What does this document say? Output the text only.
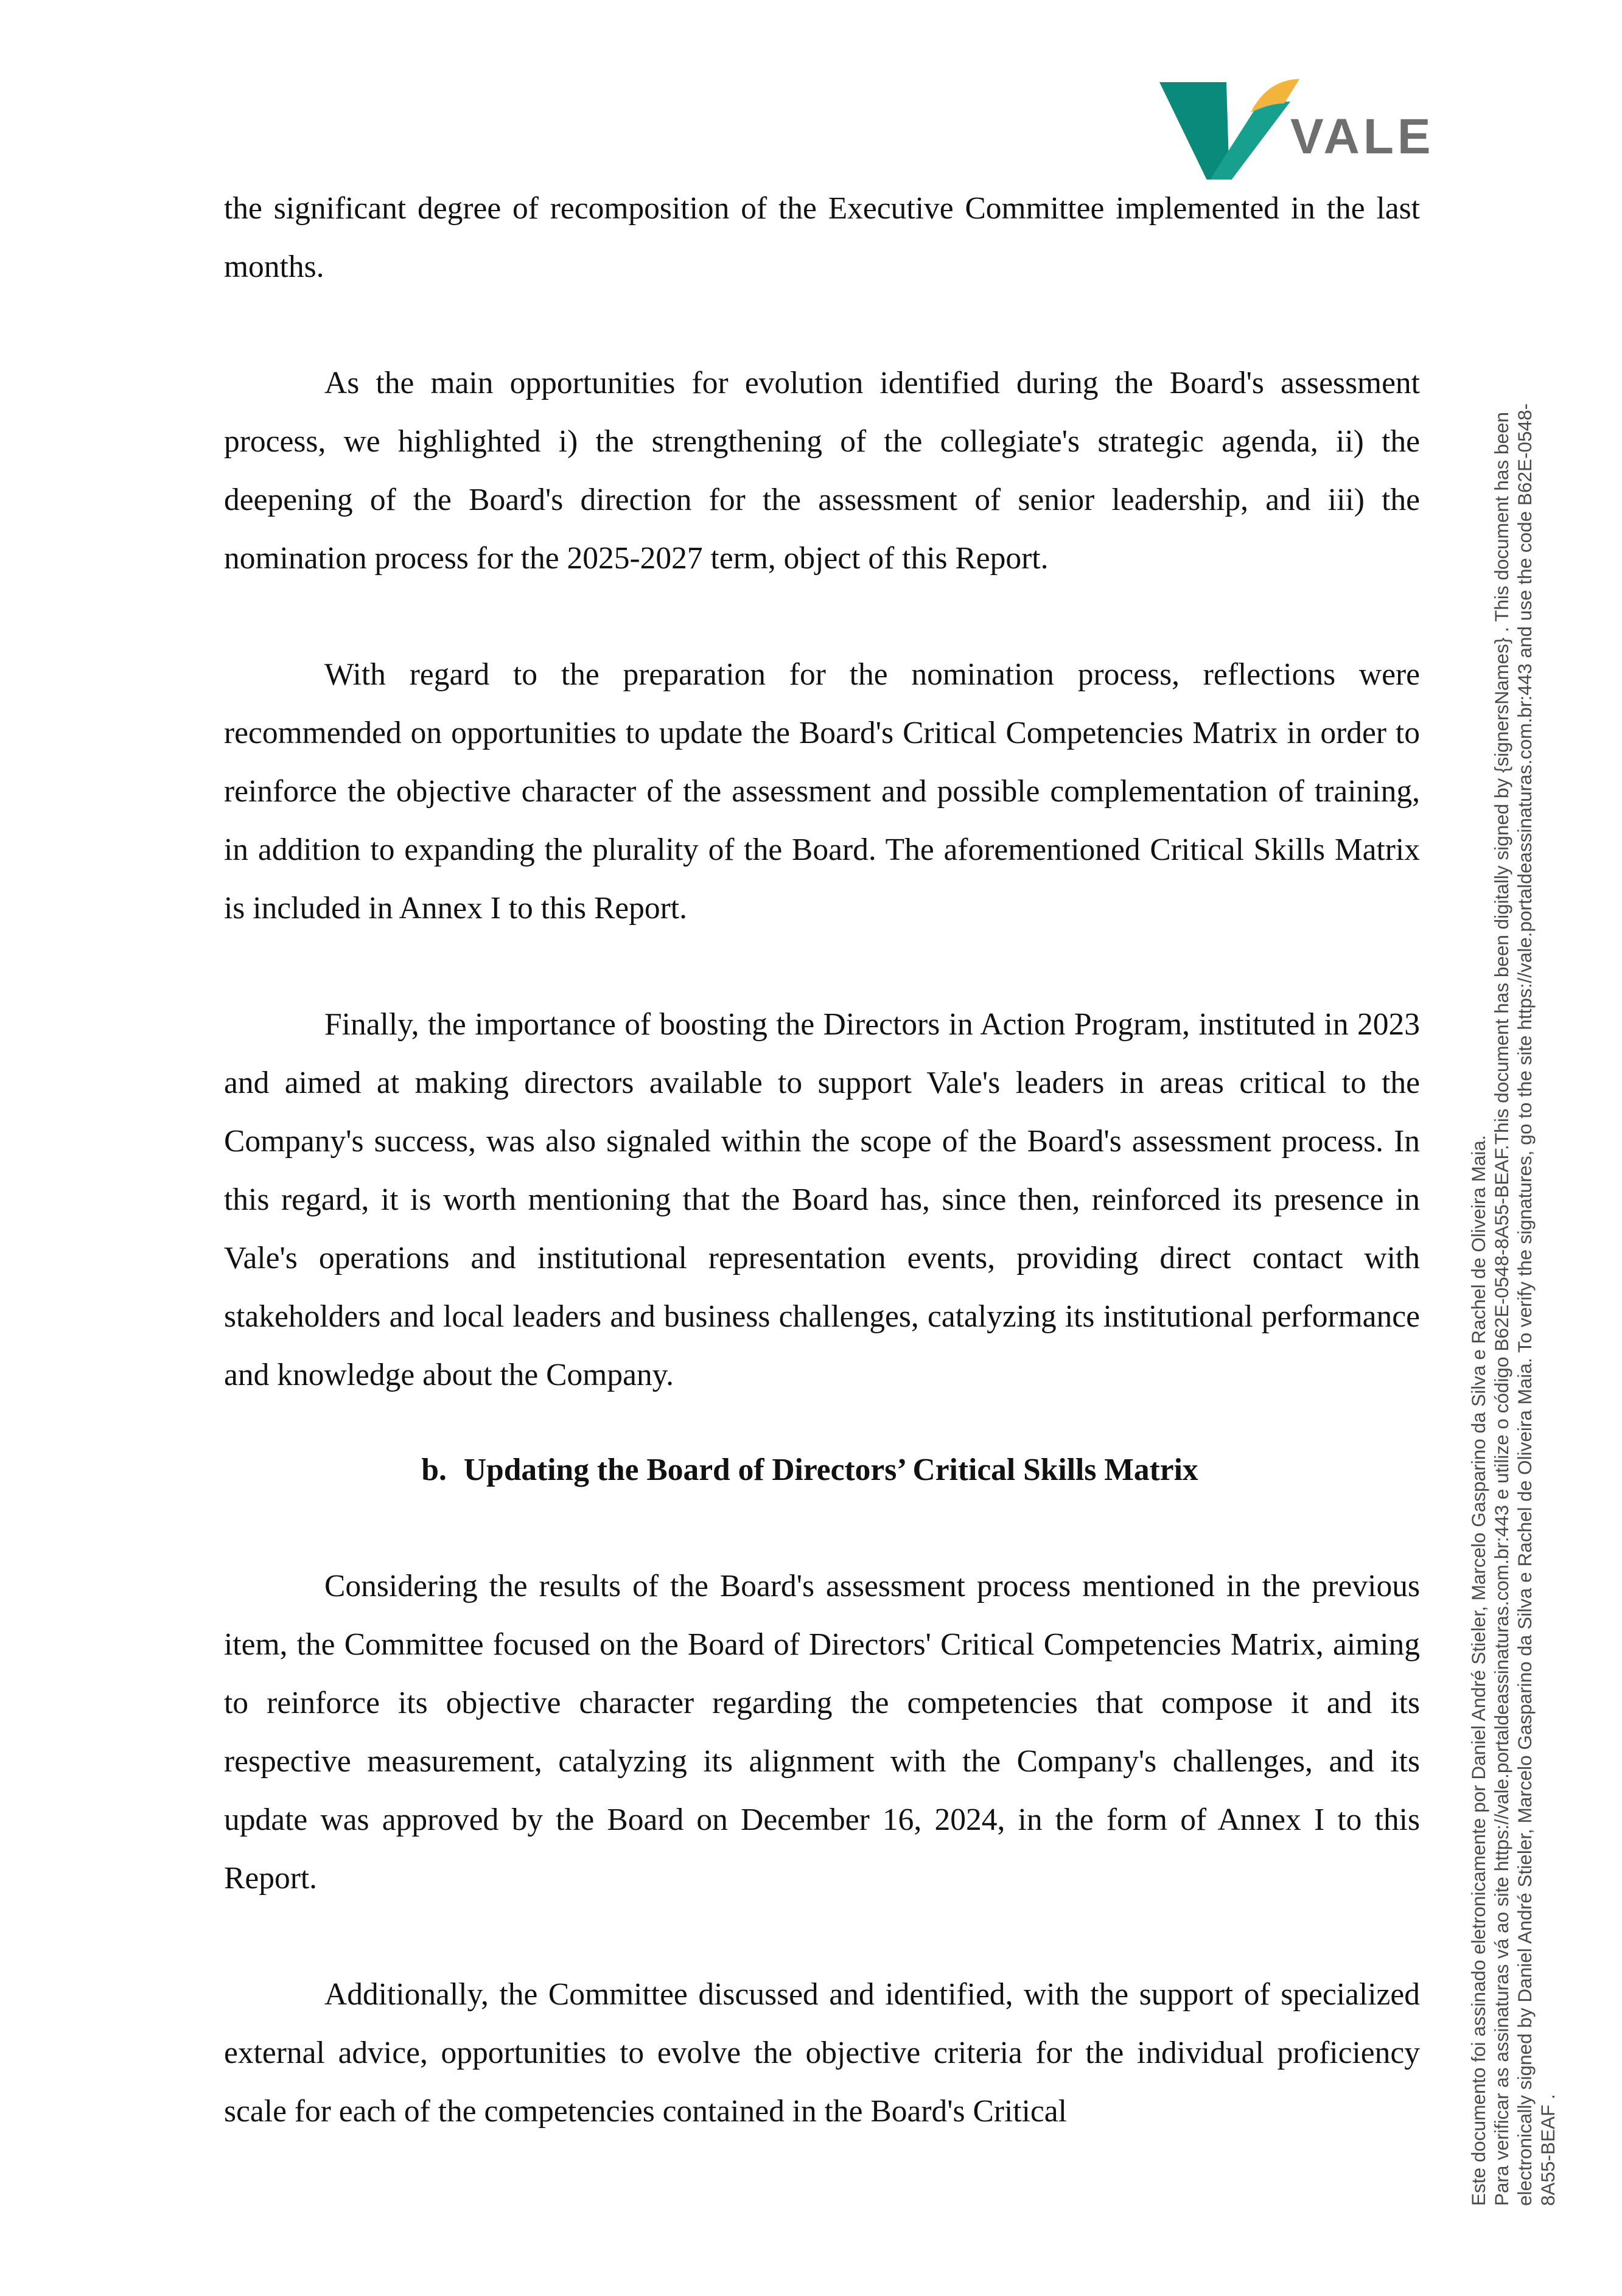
VALE

the significant degree of recomposition of the Executive Committee implemented in the last months.

As the main opportunities for evolution identified during the Board's assessment process, we highlighted i) the strengthening of the collegiate's strategic agenda, ii) the deepening of the Board's direction for the assessment of senior leadership, and iii) the nomination process for the 2025-2027 term, object of this Report.

With regard to the preparation for the nomination process, reflections were recommended on opportunities to update the Board's Critical Competencies Matrix in order to reinforce the objective character of the assessment and possible complementation of training, in addition to expanding the plurality of the Board. The aforementioned Critical Skills Matrix is included in Annex I to this Report.

Finally, the importance of boosting the Directors in Action Program, instituted in 2023 and aimed at making directors available to support Vale's leaders in areas critical to the Company's success, was also signaled within the scope of the Board's assessment process. In this regard, it is worth mentioning that the Board has, since then, reinforced its presence in Vale's operations and institutional representation events, providing direct contact with stakeholders and local leaders and business challenges, catalyzing its institutional performance and knowledge about the Company.

b. Updating the Board of Directors’ Critical Skills Matrix

Considering the results of the Board's assessment process mentioned in the previous item, the Committee focused on the Board of Directors' Critical Competencies Matrix, aiming to reinforce its objective character regarding the competencies that compose it and its respective measurement, catalyzing its alignment with the Company's challenges, and its update was approved by the Board on December 16, 2024, in the form of Annex I to this Report.

Additionally, the Committee discussed and identified, with the support of specialized external advice, opportunities to evolve the objective criteria for the individual proficiency scale for each of the competencies contained in the Board's Critical	Este documento foi assinado eletronicamente por Daniel André Stieler, Marcelo Gasparino da Silva e Rachel de Oliveira Maia. Para verificar as assinaturas vá ao site https://vale.portaldeassinaturas.com.br:443 e utilize o código B62E-0548-8A55-BEAF.This document has been digitally signed by {signersNames} . This document has been electronically signed by Daniel André Stieler, Marcelo Gasparino da Silva e Rachel de Oliveira Maia. To verify the signatures, go to the site https://vale.portaldeassinaturas.com.br:443 and use the code B62E-0548- 8A55-BEAF .
